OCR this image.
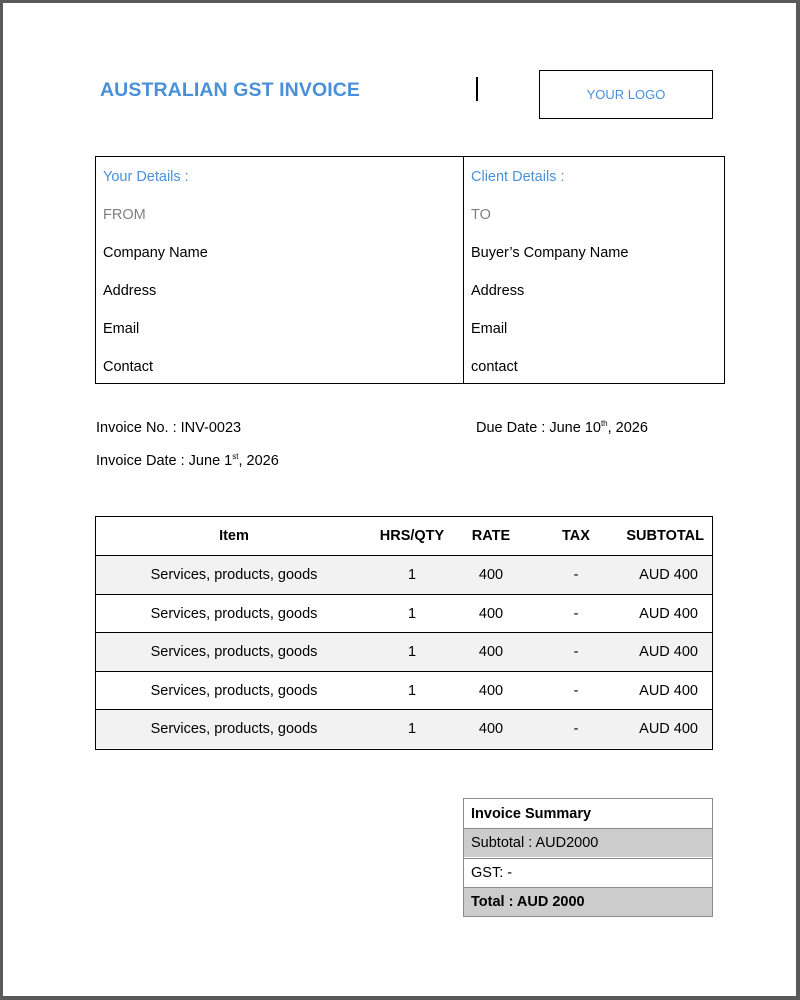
AUSTRALIAN GST INVOICE	YOUR LOGO
Your Details :
FROM
Company Name
Address
Email
Contact
Client Details :
TO
Buyer’s Company Name
Address
Email
contact
Invoice No. : INV-0023	Due Date : June 10th, 2026
Invoice Date : June 1st, 2026
Item	HRS/QTY	RATE	TAX	SUBTOTAL
Services, products, goods	1	400	-	AUD 400
Services, products, goods	1	400	-	AUD 400
Services, products, goods	1	400	-	AUD 400
Services, products, goods	1	400	-	AUD 400
Services, products, goods	1	400	-	AUD 400
Invoice Summary
Subtotal : AUD2000
GST: -
Total : AUD 2000
